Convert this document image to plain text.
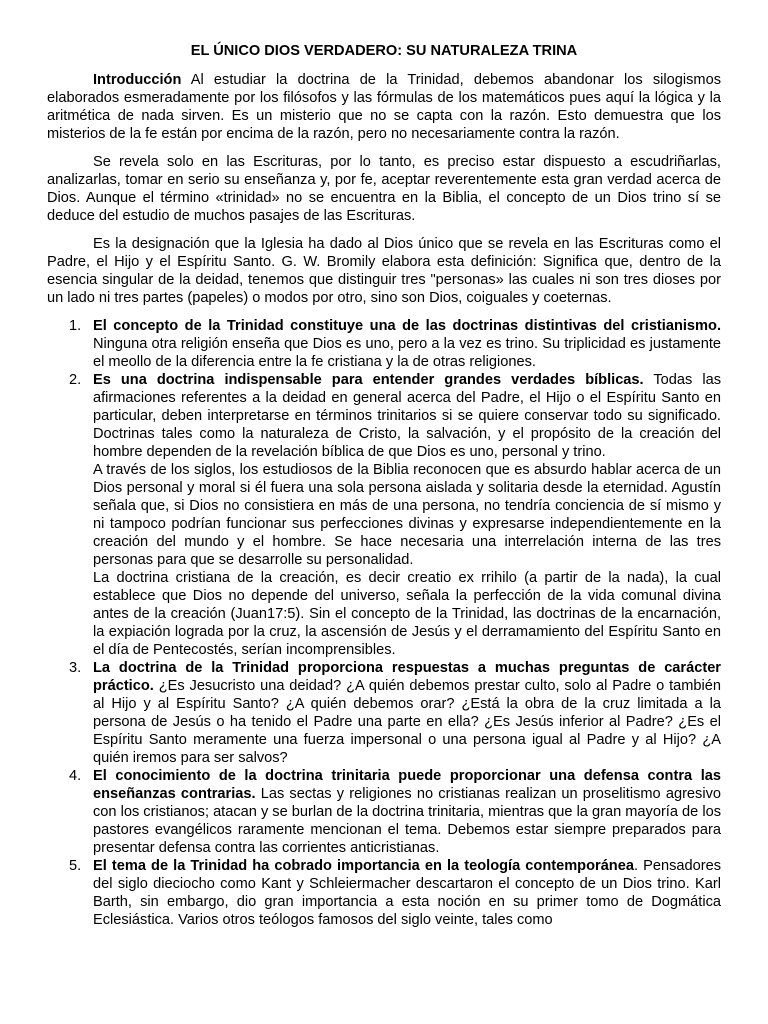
EL ÚNICO DIOS VERDADERO: SU NATURALEZA TRINA

Introducción Al estudiar la doctrina de la Trinidad, debemos abandonar los silogismos elaborados esmeradamente por los filósofos y las fórmulas de los matemáticos pues aquí la lógica y la aritmética de nada sirven. Es un misterio que no se capta con la razón. Esto demuestra que los misterios de la fe están por encima de la razón, pero no necesariamente contra la razón.

Se revela solo en las Escrituras, por lo tanto, es preciso estar dispuesto a escudriñarlas, analizarlas, tomar en serio su enseñanza y, por fe, aceptar reverentemente esta gran verdad acerca de Dios. Aunque el término «trinidad» no se encuentra en la Biblia, el concepto de un Dios trino sí se deduce del estudio de muchos pasajes de las Escrituras.

Es la designación que la Iglesia ha dado al Dios único que se revela en las Escrituras como el Padre, el Hijo y el Espíritu Santo. G. W. Bromily elabora esta definición: Significa que, dentro de la esencia singular de la deidad, tenemos que distinguir tres "personas» las cuales ni son tres dioses por un lado ni tres partes (papeles) o modos por otro, sino son Dios, coiguales y coeternas.

1. El concepto de la Trinidad constituye una de las doctrinas distintivas del cristianismo. Ninguna otra religión enseña que Dios es uno, pero a la vez es trino. Su triplicidad es justamente el meollo de la diferencia entre la fe cristiana y la de otras religiones.
2. Es una doctrina indispensable para entender grandes verdades bíblicas. Todas las afirmaciones referentes a la deidad en general acerca del Padre, el Hijo o el Espíritu Santo en particular, deben interpretarse en términos trinitarios si se quiere conservar todo su significado. Doctrinas tales como la naturaleza de Cristo, la salvación, y el propósito de la creación del hombre dependen de la revelación bíblica de que Dios es uno, personal y trino.
A través de los siglos, los estudiosos de la Biblia reconocen que es absurdo hablar acerca de un Dios personal y moral si él fuera una sola persona aislada y solitaria desde la eternidad. Agustín señala que, si Dios no consistiera en más de una persona, no tendría conciencia de sí mismo y ni tampoco podrían funcionar sus perfecciones divinas y expresarse independientemente en la creación del mundo y el hombre. Se hace necesaria una interrelación interna de las tres personas para que se desarrolle su personalidad.
La doctrina cristiana de la creación, es decir creatio ex rrihilo (a partir de la nada), la cual establece que Dios no depende del universo, señala la perfección de la vida comunal divina antes de la creación (Juan17:5). Sin el concepto de la Trinidad, las doctrinas de la encarnación, la expiación lograda por la cruz, la ascensión de Jesús y el derramamiento del Espíritu Santo en el día de Pentecostés, serían incomprensibles.
3. La doctrina de la Trinidad proporciona respuestas a muchas preguntas de carácter práctico. ¿Es Jesucristo una deidad? ¿A quién debemos prestar culto, solo al Padre o también al Hijo y al Espíritu Santo? ¿A quién debemos orar? ¿Está la obra de la cruz limitada a la persona de Jesús o ha tenido el Padre una parte en ella? ¿Es Jesús inferior al Padre? ¿Es el Espíritu Santo meramente una fuerza impersonal o una persona igual al Padre y al Hijo? ¿A quién iremos para ser salvos?
4. El conocimiento de la doctrina trinitaria puede proporcionar una defensa contra las enseñanzas contrarias. Las sectas y religiones no cristianas realizan un proselitismo agresivo con los cristianos; atacan y se burlan de la doctrina trinitaria, mientras que la gran mayoría de los pastores evangélicos raramente mencionan el tema. Debemos estar siempre preparados para presentar defensa contra las corrientes anticristianas.
5. El tema de la Trinidad ha cobrado importancia en la teología contemporánea. Pensadores del siglo dieciocho como Kant y Schleiermacher descartaron el concepto de un Dios trino. Karl Barth, sin embargo, dio gran importancia a esta noción en su primer tomo de Dogmática Eclesiástica. Varios otros teólogos famosos del siglo veinte, tales como
